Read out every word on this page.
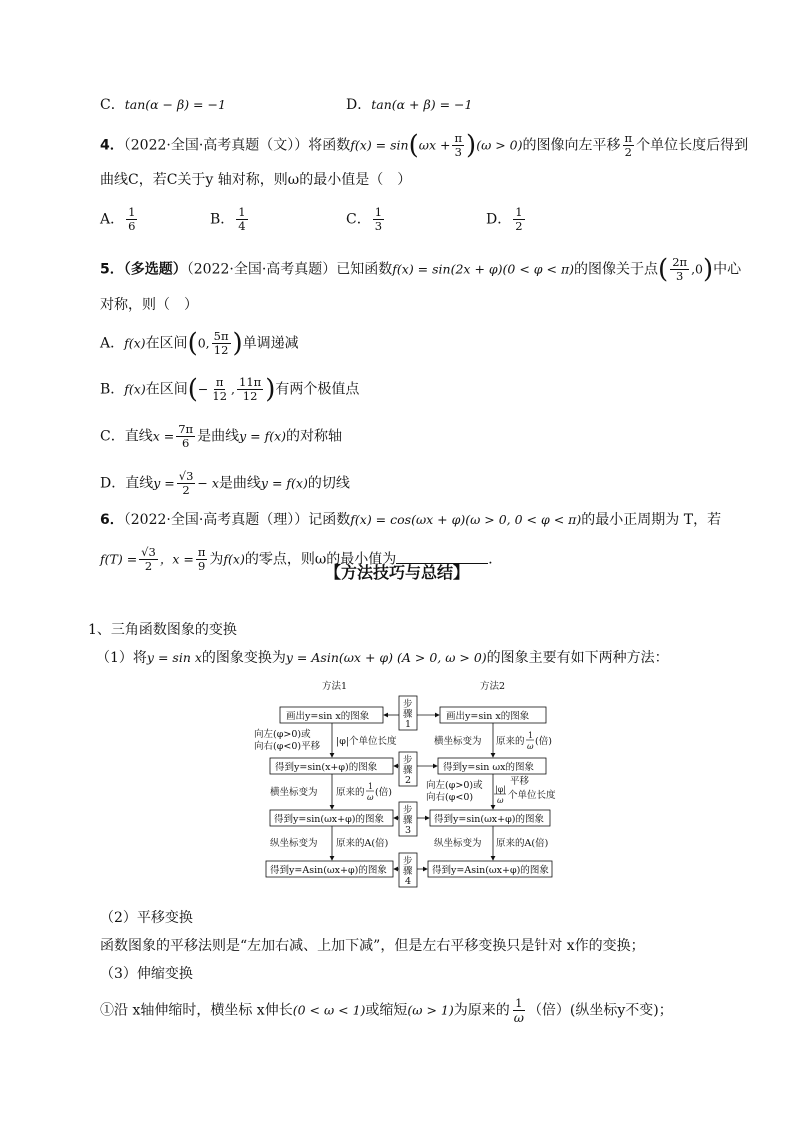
C．tan(α − β) = −1	D．tan(α + β) = −1
4．（2022·全国·高考真题（文））将函数$f(x) = \sin(\omega x + \frac{\pi}{3} )(\omega > 0)$的图像向左平移 $\frac{\pi}{2}$ 个单位长度后得到
曲线C，若C关于y 轴对称，则ω的最小值是（　）
A． $\frac{1}{6}$	B． $\frac{1}{4}$	C． $\frac{1}{3}$	D． $\frac{1}{2}$
5．（多选题）（2022·全国·高考真题）已知函数f(x) = sin(2x + φ)(0 < φ < π)的图像关于点( $\frac{2\pi}{3} ,0$)中心
对称，则（　）
A．f(x)在区间(0, $\frac{5\pi}{12}$ )单调递减
B．f(x)在区间(− $\frac{\pi}{12}$ , $\frac{11\pi}{12}$ )有两个极值点
C．直线$x = \frac{7\pi}{6}$ 是曲线y = f(x)的对称轴
D．直线$y = \frac{√3}{2} - x$是曲线y = f(x)的切线
6．（2022·全国·高考真题（理））记函数f(x) = cos(ωx + φ)(ω > 0, 0 < φ < π)的最小正周期为 T，若
$f(T) = \frac{√3}{2}$ ，$x = \frac{\pi}{9}$ 为f(x)的零点，则ω的最小值为	．
【方法技巧与总结】
1、三角函数图象的变换
（1）将y = sin x的图象变换为y = Asin(ωx + φ) (A > 0, ω > 0)的图象主要有如下两种方法：
方法1	方法2
步
骤
1
步
骤
2
步
骤
3
步
骤
4
画出y=sin x的图象
得到y=sin(x+φ)的图象
得到y=sin(ωx+φ)的图象
得到y=Asin(ωx+φ)的图象
画出y=sin x的图象
得到y=sin ωx的图象
得到y=sin(ωx+φ)的图象
得到y=Asin(ωx+φ)的图象
向左(φ>0)或
向右(φ<0)平移 |φ|个单位长度
横坐标变为 原来的
1
ω (倍)
纵坐标变为 原来的A(倍)
横坐标变为 原来的
1
ω (倍)
向左(φ>0)或
向右(φ<0)
平移
|φ|
ω 个单位长度
纵坐标变为 原来的A(倍)
（2）平移变换
函数图象的平移法则是“左加右减、上加下减”，但是左右平移变换只是针对 x作的变换；
（3）伸缩变换
①沿 x轴伸缩时，横坐标 x伸长(0 < ω < 1)或缩短(ω > 1)为原来的 $\frac{1}{\omega}$ （倍）(纵坐标y不变)；
